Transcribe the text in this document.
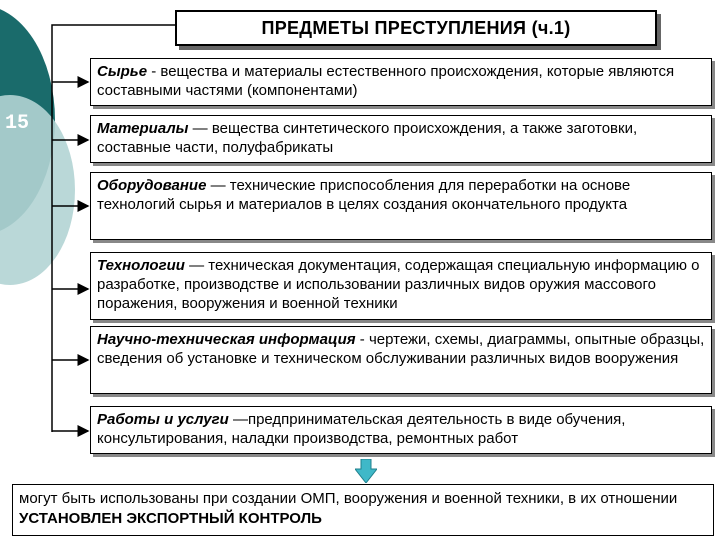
15
ПРЕДМЕТЫ ПРЕСТУПЛЕНИЯ (ч.1)
Сырье - вещества и материалы естественного происхождения, которые являются составными частями (компонентами)
Материалы — вещества синтетического происхождения, а также заготовки, составные части, полуфабрикаты
Оборудование — технические приспособления для переработки на основе технологий сырья и материалов в целях создания окончательного продукта
Технологии — техническая документация, содержащая специальную информацию о разработке, производстве и использовании различных видов оружия массового поражения, вооружения и военной техники
Научно-техническая информация - чертежи, схемы, диаграммы, опытные образцы, сведения об установке и техническом обслуживании различных видов вооружения
Работы и услуги —предпринимательская деятельность в виде обучения, консультирования, наладки производства, ремонтных работ
могут быть использованы при создании ОМП, вооружения и военной техники, в их отношении УСТАНОВЛЕН ЭКСПОРТНЫЙ КОНТРОЛЬ
